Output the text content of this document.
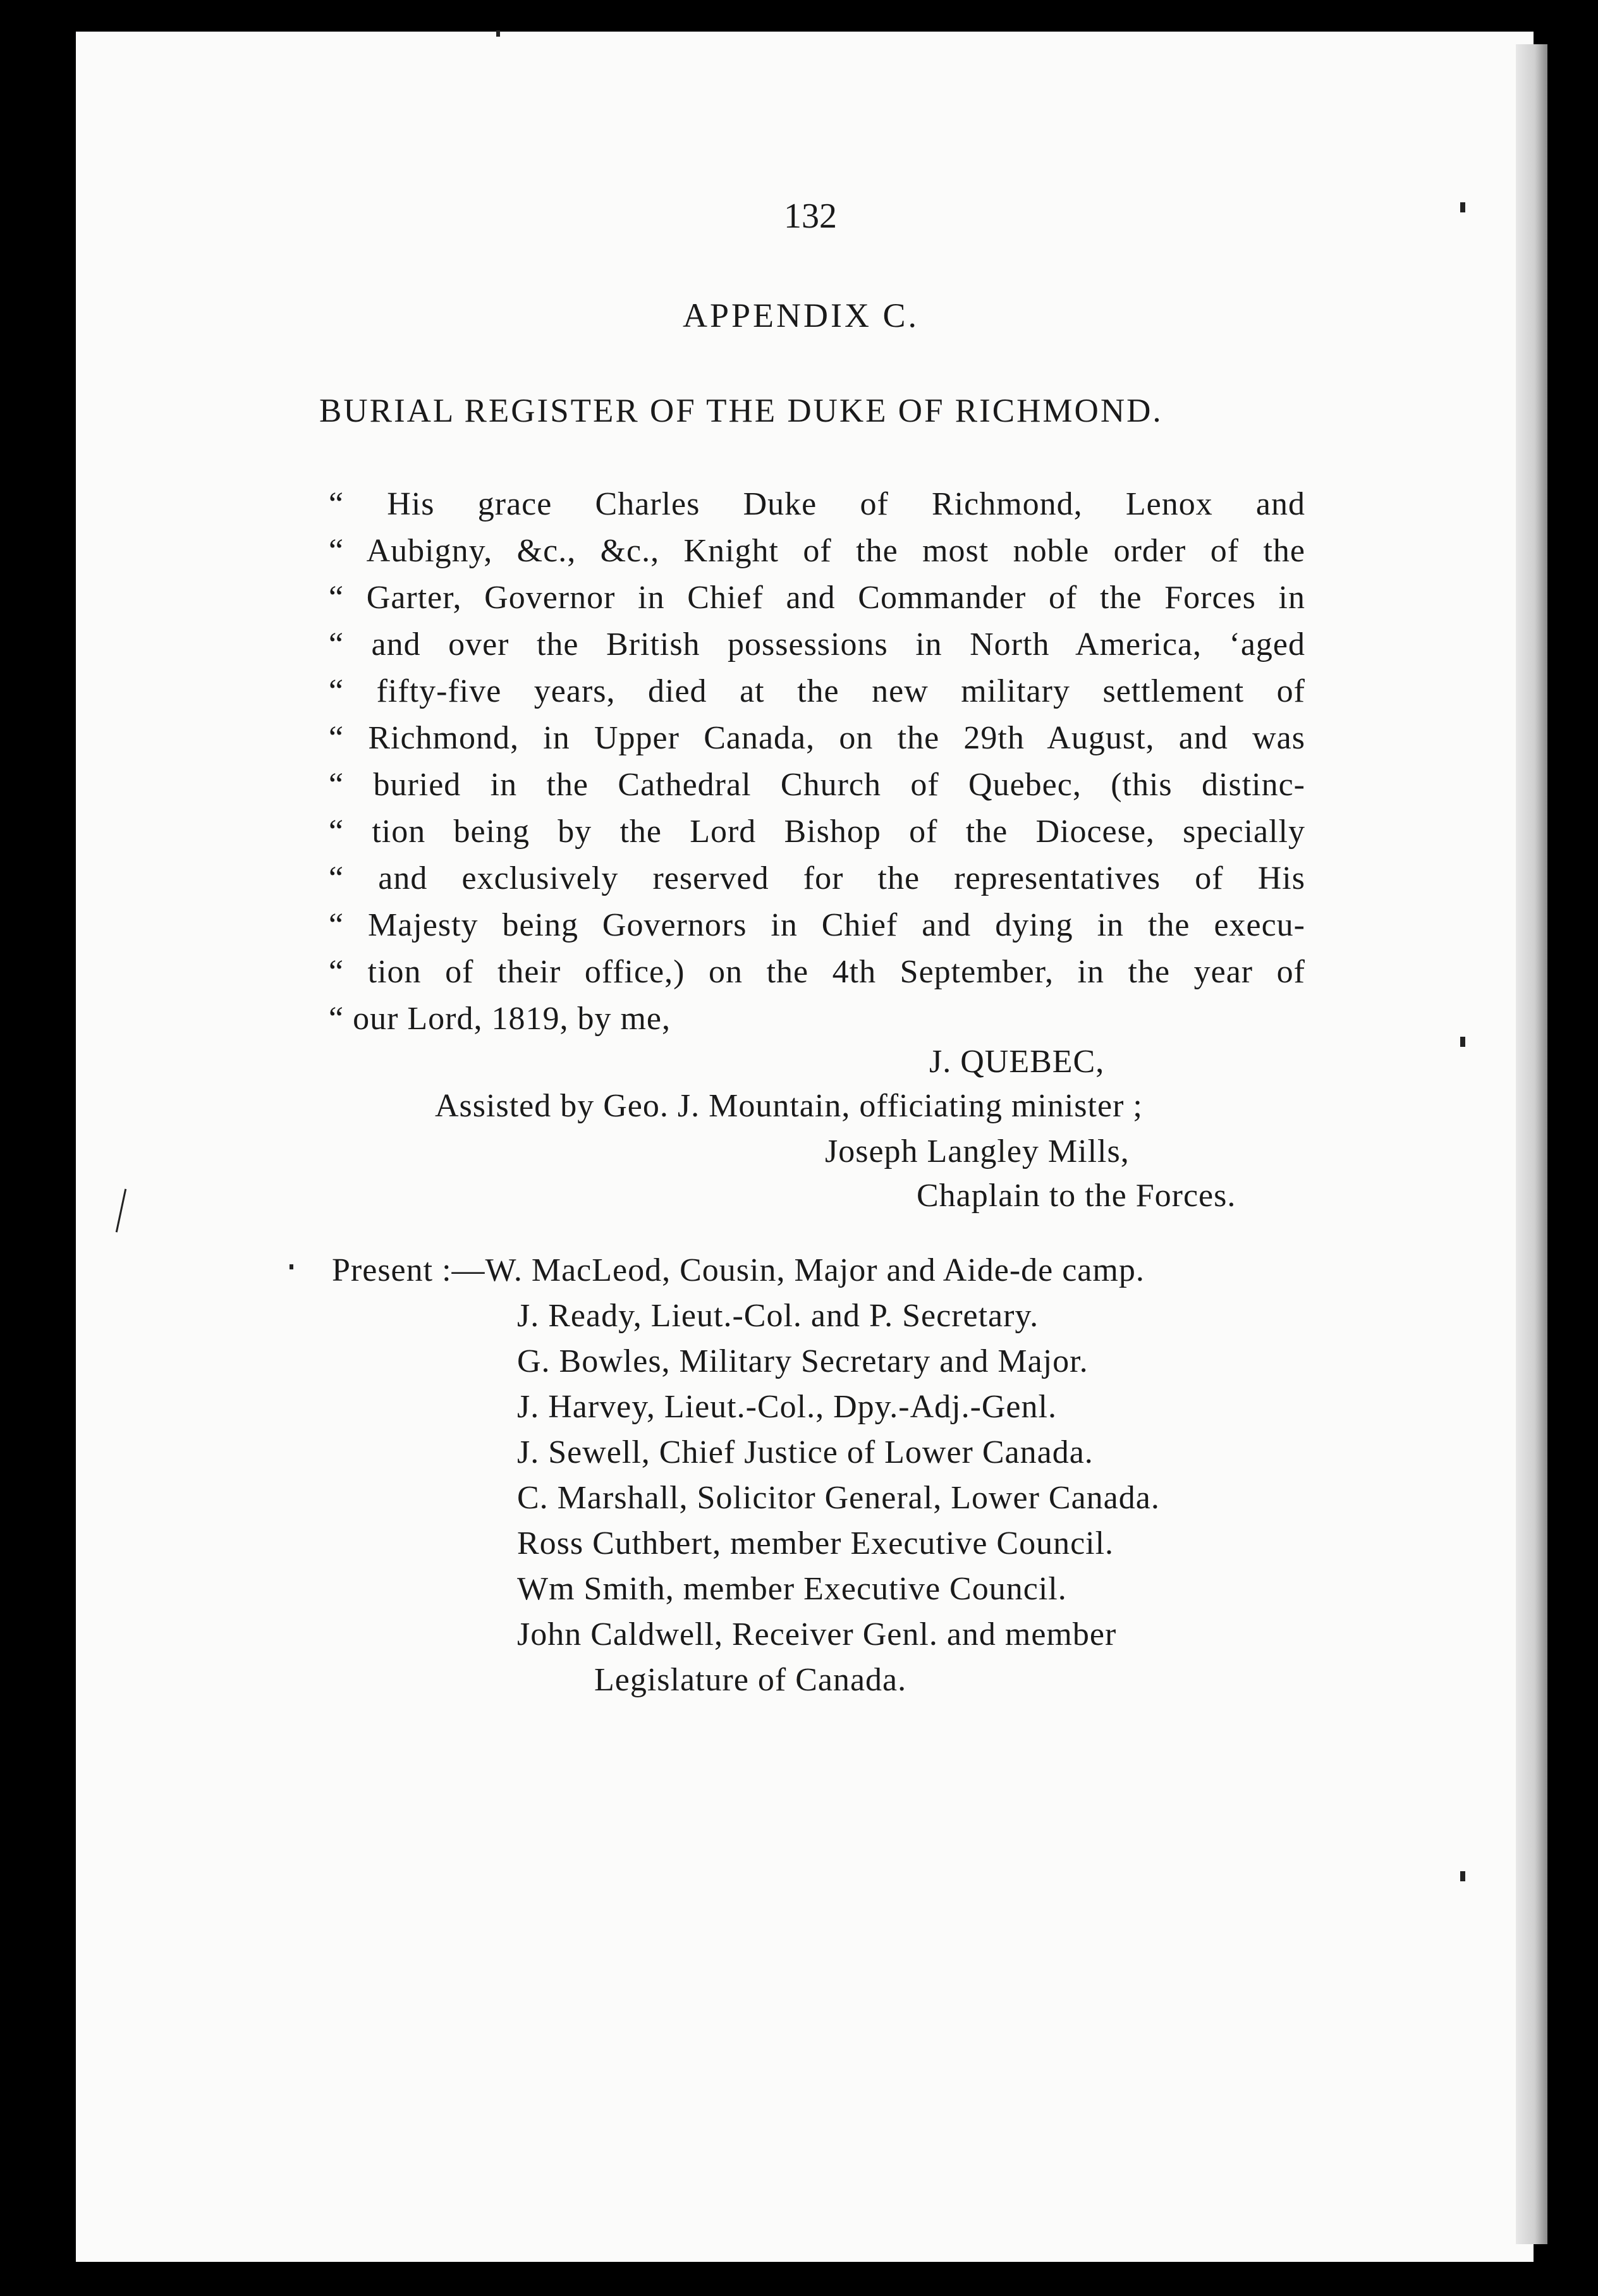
132
APPENDIX C.
BURIAL REGISTER OF THE DUKE OF RICHMOND.
“ His grace Charles Duke of Richmond, Lenox and
“ Aubigny, &c., &c., Knight of the most noble order of the
“ Garter, Governor in Chief and Commander of the Forces in
“ and over the British possessions in North America, ‘aged
“ fifty-five years, died at the new military settlement of
“ Richmond, in Upper Canada, on the 29th August, and was
“ buried in the Cathedral Church of Quebec, (this distinc-
“ tion being by the Lord Bishop of the Diocese, specially
“ and exclusively reserved for the representatives of His
“ Majesty being Governors in Chief and dying in the execu-
“ tion of their office,) on the 4th September, in the year of
“ our Lord, 1819, by me,
J. QUEBEC,
Assisted by Geo. J. Mountain, officiating minister ;
Joseph Langley Mills,
Chaplain to the Forces.
Present :—W. MacLeod, Cousin, Major and Aide-de camp.
J. Ready, Lieut.-Col. and P. Secretary.
G. Bowles, Military Secretary and Major.
J. Harvey, Lieut.-Col., Dpy.-Adj.-Genl.
J. Sewell, Chief Justice of Lower Canada.
C. Marshall, Solicitor General, Lower Canada.
Ross Cuthbert, member Executive Council.
Wm Smith, member Executive Council.
John Caldwell, Receiver Genl. and member
Legislature of Canada.
